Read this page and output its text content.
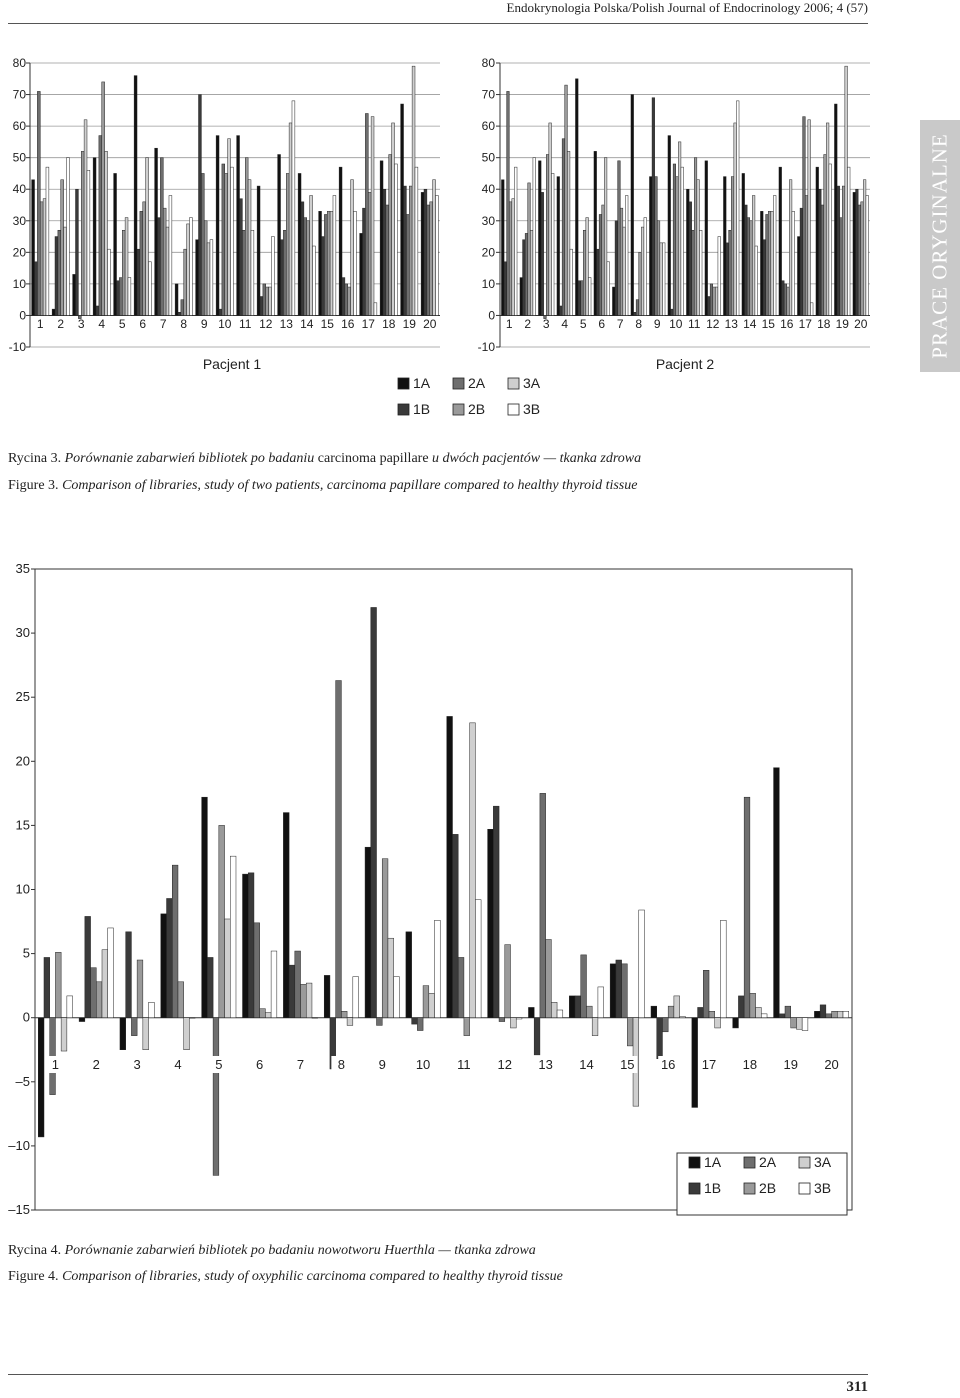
Endokrynologia Polska/Polish Journal of Endocrinology 2006; 4 (57)
PRACE ORYGINALNE
-10
0
10
20
30
40
50
60
70
80
1 2 3 4 5 6 7 8 9 10 11 12 13 14 15 16 17 18 19 20
Pacjent 1
-10
0
10
20
30
40
50
60
70
80
1 2 3 4 5 6 7 8 9 10 11 12 13 14 15 16 17 18 19 20
Pacjent 2
–15
–10
–5
0
5
10
15
20
25
30
35
1	2	3	4	5	6	7	8	9 10 11 12 13 14 15 16 17 18 19 20
1A	2A	3A
1B	2B	3B
1A	2A	3A
1B	2B	3B
Rycina 3. Porównanie zabarwień bibliotek po badaniu carcinoma papillare u dwóch pacjentów — tkanka zdrowa
Figure 3. Comparison of libraries, study of two patients, carcinoma papillare compared to healthy thyroid tissue
Rycina 4. Porównanie zabarwień bibliotek po badaniu nowotworu Huerthla — tkanka zdrowa
Figure 4. Comparison of libraries, study of oxyphilic carcinoma compared to healthy thyroid tissue
311
